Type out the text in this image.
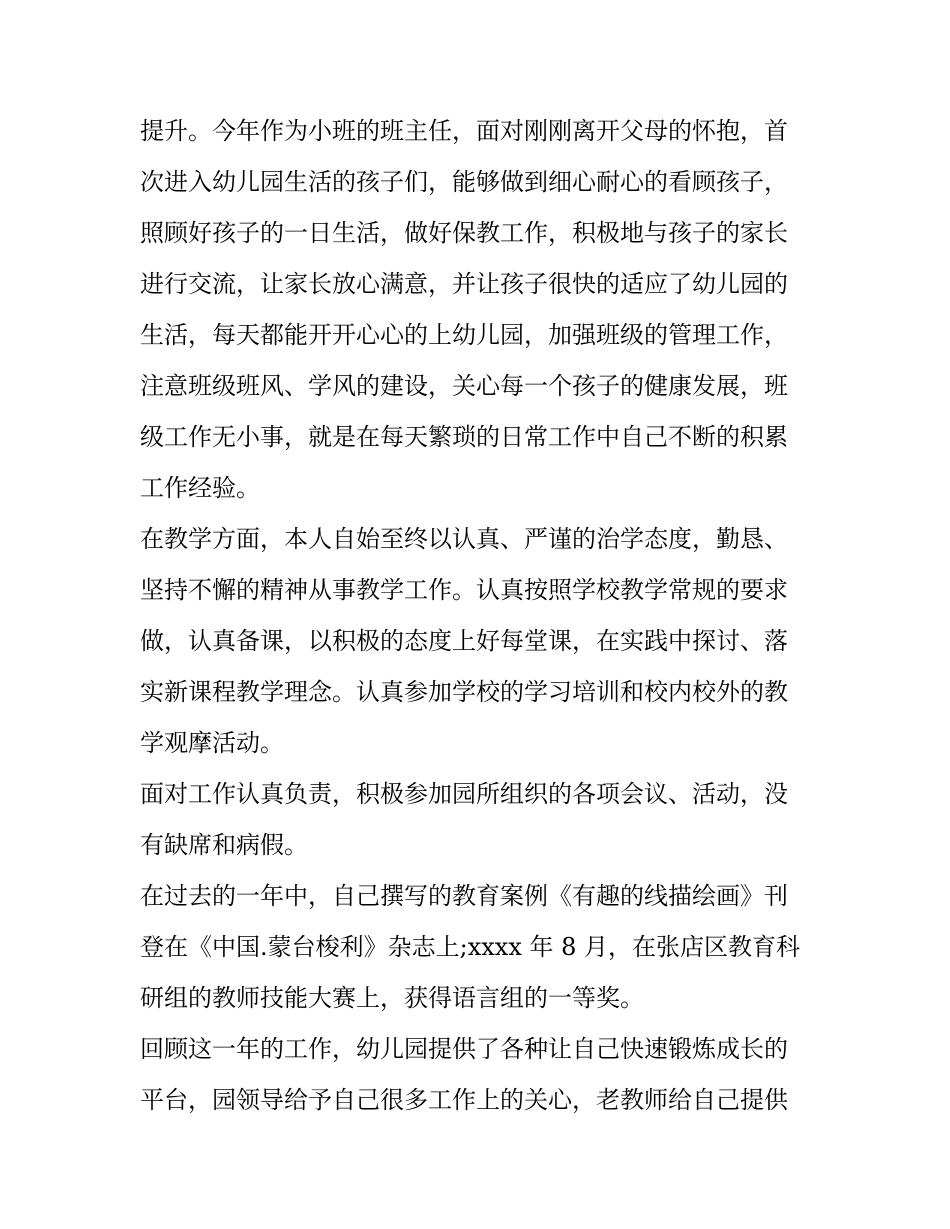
提升。今年作为小班的班主任，面对刚刚离开父母的怀抱，首
次进入幼儿园生活的孩子们，能够做到细心耐心的看顾孩子，
照顾好孩子的一日生活，做好保教工作，积极地与孩子的家长
进行交流，让家长放心满意，并让孩子很快的适应了幼儿园的
生活，每天都能开开心心的上幼儿园，加强班级的管理工作，
注意班级班风、学风的建设，关心每一个孩子的健康发展，班
级工作无小事，就是在每天繁琐的日常工作中自己不断的积累
工作经验。
在教学方面，本人自始至终以认真、严谨的治学态度，勤恳、
坚持不懈的精神从事教学工作。认真按照学校教学常规的要求
做，认真备课，以积极的态度上好每堂课，在实践中探讨、落
实新课程教学理念。认真参加学校的学习培训和校内校外的教
学观摩活动。
面对工作认真负责，积极参加园所组织的各项会议、活动，没
有缺席和病假。
在过去的一年中，自己撰写的教育案例《有趣的线描绘画》刊
登在《中国.蒙台梭利》杂志上;xxxx 年 8 月，在张店区教育科
研组的教师技能大赛上，获得语言组的一等奖。
回顾这一年的工作，幼儿园提供了各种让自己快速锻炼成长的
平台，园领导给予自己很多工作上的关心，老教师给自己提供
